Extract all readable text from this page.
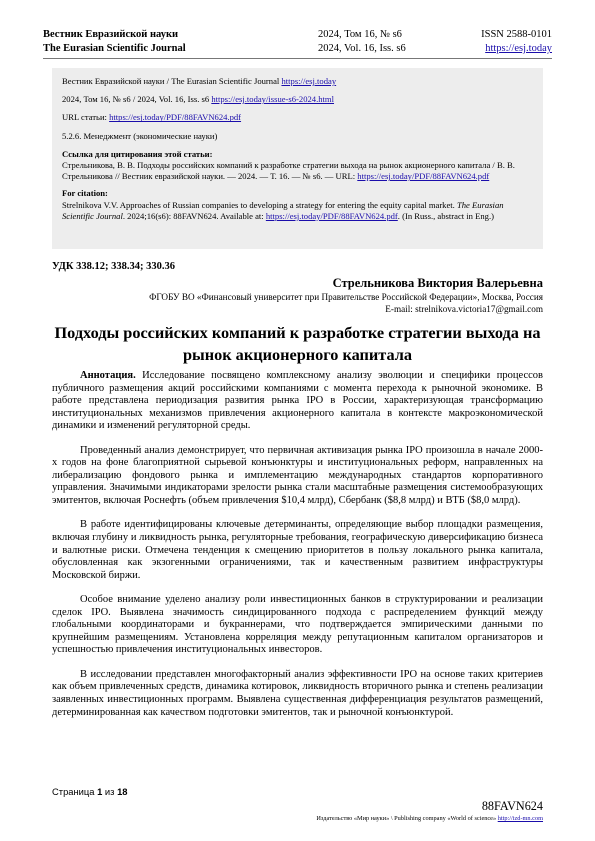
Вестник Евразийской науки
The Eurasian Scientific Journal
2024, Том 16, № s6
2024, Vol. 16, Iss. s6
ISSN 2588-0101
https://esj.today

Вестник Евразийской науки / The Eurasian Scientific Journal https://esj.today

2024, Том 16, № s6 / 2024, Vol. 16, Iss. s6 https://esj.today/issue-s6-2024.html

URL статьи: https://esj.today/PDF/88FAVN624.pdf

5.2.6. Менеджмент (экономические науки)

Ссылка для цитирования этой статьи:
Стрельникова, В. В. Подходы российских компаний к разработке стратегии выхода на рынок акционерного капитала / В. В. Стрельникова // Вестник евразийской науки. — 2024. — Т. 16. — № s6. — URL: https://esj.today/PDF/88FAVN624.pdf
For citation:
Strelnikova V.V. Approaches of Russian companies to developing a strategy for entering the equity capital market. The Eurasian Scientific Journal. 2024;16(s6): 88FAVN624. Available at: https://esj.today/PDF/88FAVN624.pdf. (In Russ., abstract in Eng.)
УДК 338.12; 338.34; 330.36
Стрельникова Виктория Валерьевна
ФГОБУ ВО «Финансовый университет при Правительстве Российской Федерации», Москва, Россия
E-mail: strelnikova.victoria17@gmail.com
Подходы российских компаний к разработке стратегии выхода на рынок акционерного капитала

Аннотация. Исследование посвящено комплексному анализу эволюции и специфики процессов публичного размещения акций российскими компаниями с момента перехода к рыночной экономике. В работе представлена периодизация развития рынка IPO в России, характеризующая трансформацию институциональных механизмов привлечения акционерного капитала в контексте макроэкономической динамики и изменений регуляторной среды.

Проведенный анализ демонстрирует, что первичная активизация рынка IPO произошла в начале 2000-х годов на фоне благоприятной сырьевой конъюнктуры и институциональных реформ, направленных на либерализацию фондового рынка и имплементацию международных стандартов корпоративного управления. Значимыми индикаторами зрелости рынка стали масштабные размещения системообразующих эмитентов, включая Роснефть (объем привлечения $10,4 млрд), Сбербанк ($8,8 млрд) и ВТБ ($8,0 млрд).

В работе идентифицированы ключевые детерминанты, определяющие выбор площадки размещения, включая глубину и ликвидность рынка, регуляторные требования, географическую диверсификацию бизнеса и валютные риски. Отмечена тенденция к смещению приоритетов в пользу локального рынка капитала, обусловленная как экзогенными ограничениями, так и качественным развитием инфраструктуры Московской биржи.

Особое внимание уделено анализу роли инвестиционных банков в структурировании и реализации сделок IPO. Выявлена значимость синдицированного подхода с распределением функций между глобальными координаторами и букраннерами, что подтверждается эмпирическими данными по крупнейшим размещениям. Установлена корреляция между репутационным капиталом организаторов и успешностью привлечения институциональных инвесторов.

В исследовании представлен многофакторный анализ эффективности IPO на основе таких критериев как объем привлеченных средств, динамика котировок, ликвидность вторичного рынка и степень реализации заявленных инвестиционных программ. Выявлена существенная дифференциация результатов размещений, детерминированная как качеством подготовки эмитентов, так и рыночной конъюнктурой.

Страница 1 из 18
88FAVN624
Издательство «Мир науки» \ Publishing company «World of science» http://izd-mn.com
